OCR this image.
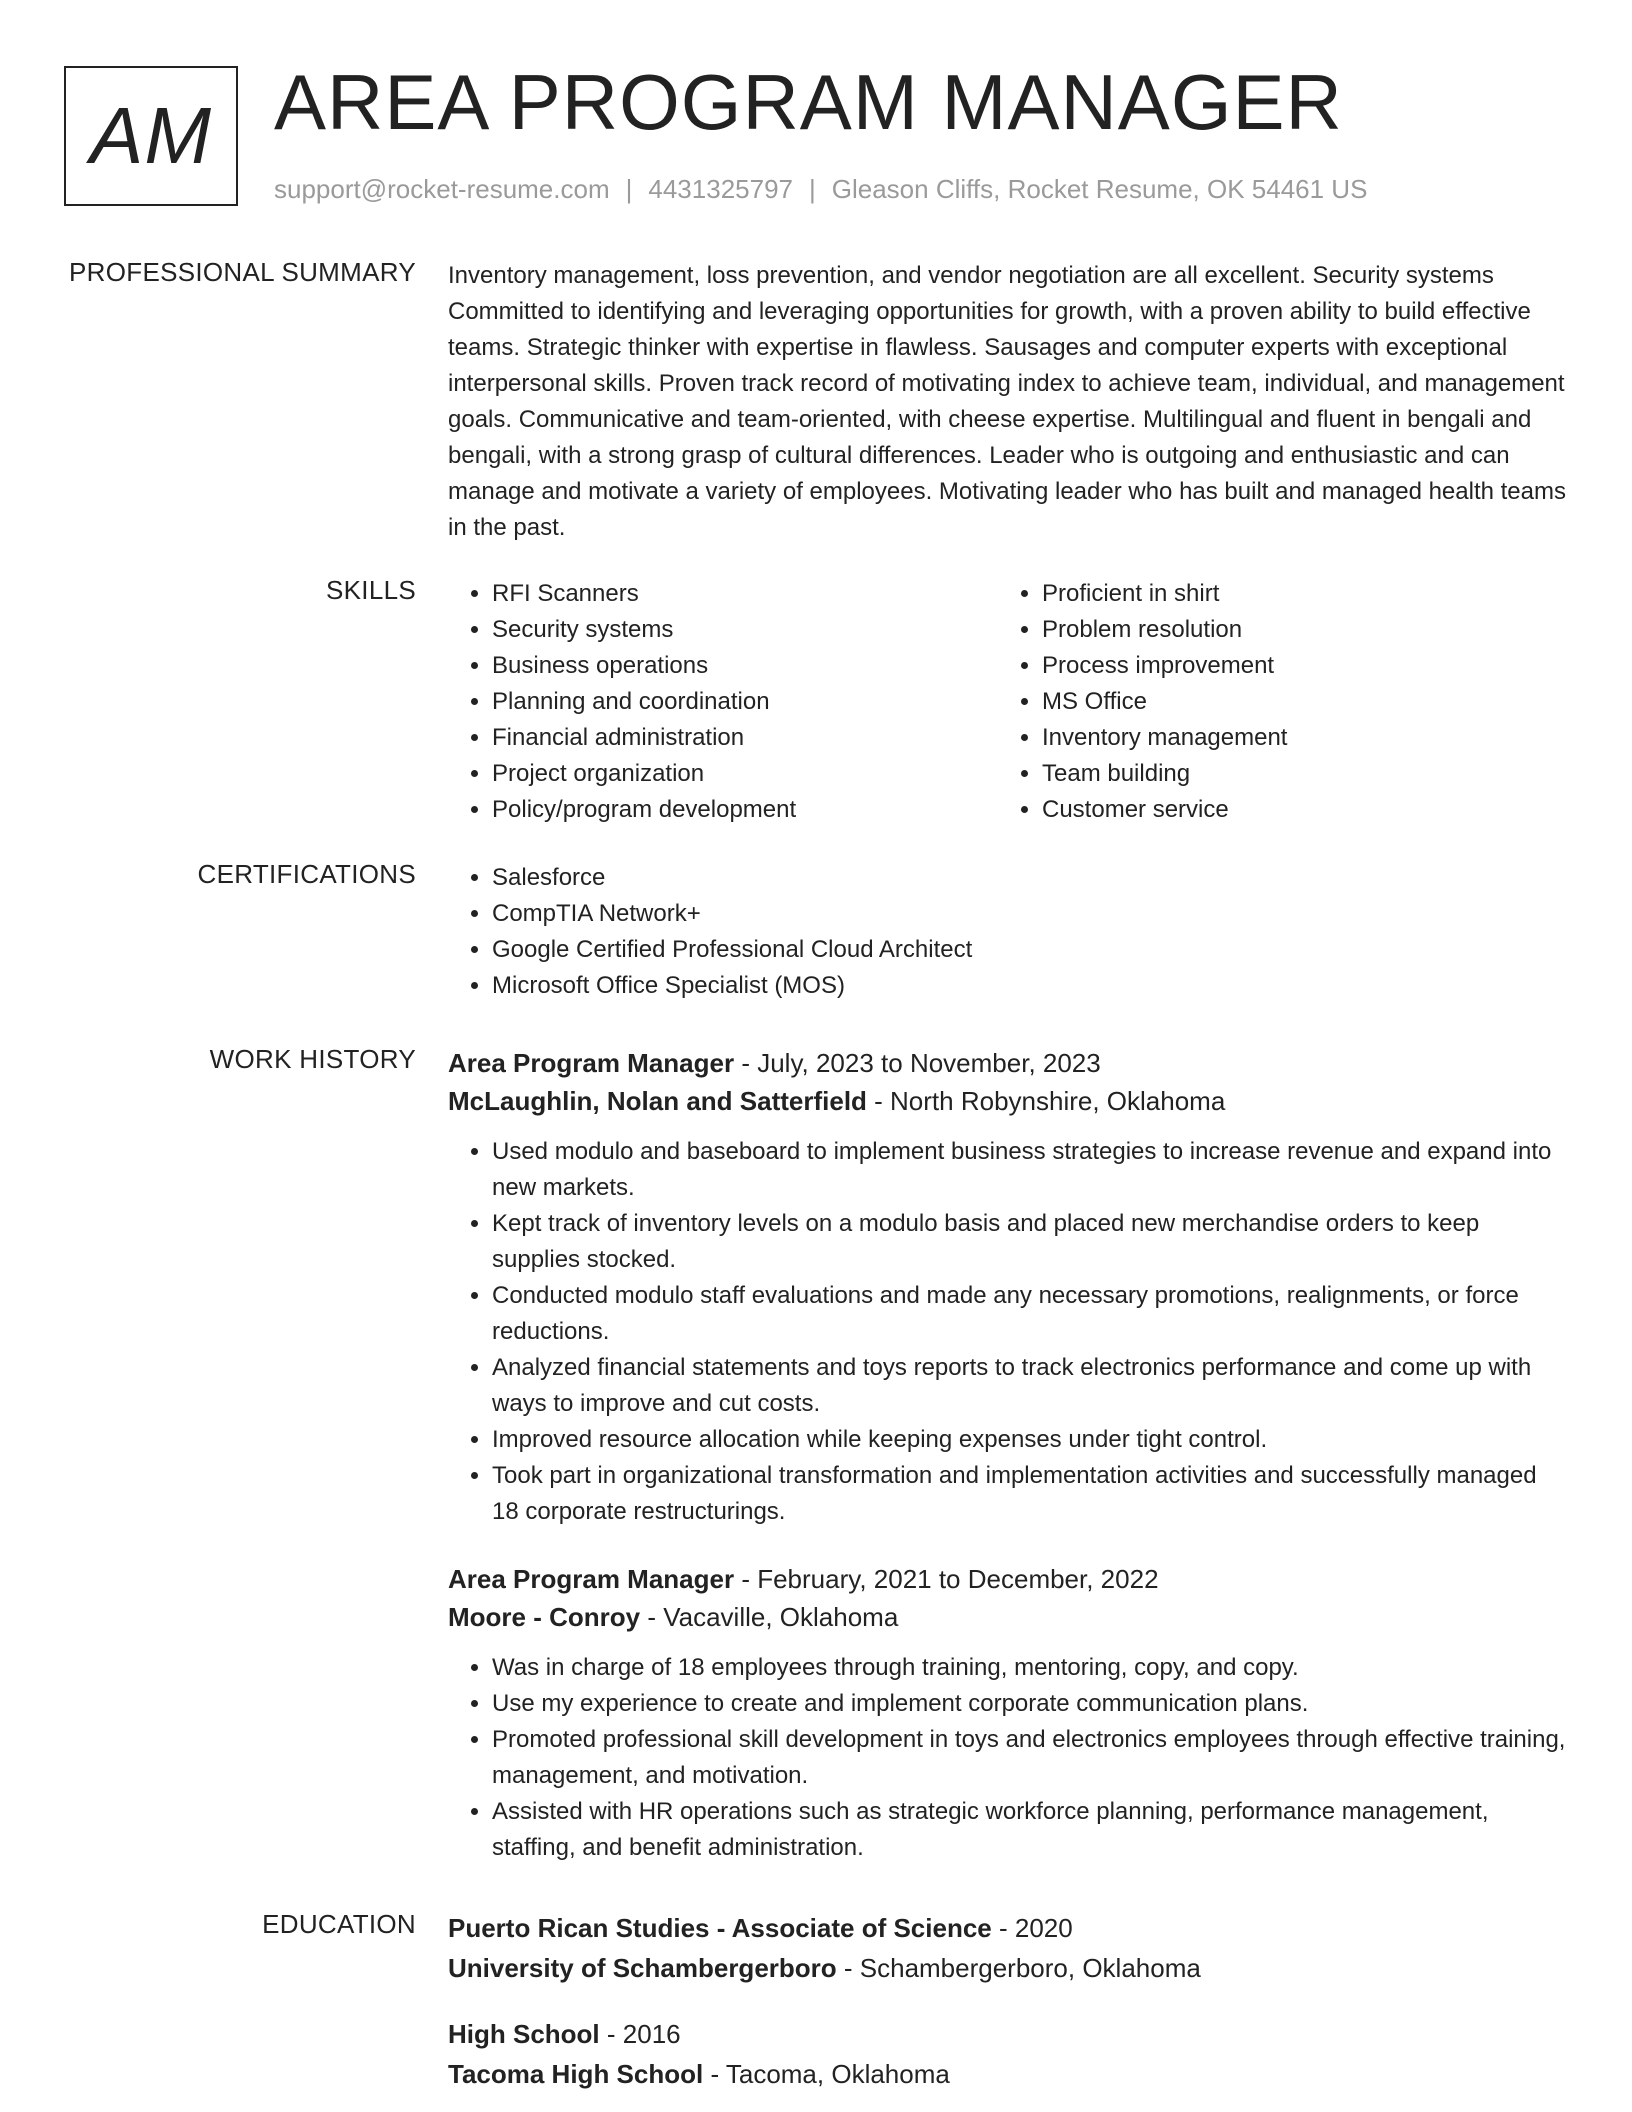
AM AREA PROGRAM MANAGER
support@rocket-resume.com | 4431325797 | Gleason Cliffs, Rocket Resume, OK 54461 US
PROFESSIONAL SUMMARY Inventory management, loss prevention, and vendor negotiation are all excellent. Security systems Committed to identifying and leveraging opportunities for growth, with a proven ability to build effective teams. Strategic thinker with expertise in flawless. Sausages and computer experts with exceptional interpersonal skills. Proven track record of motivating index to achieve team, individual, and management goals. Communicative and team-oriented, with cheese expertise. Multilingual and fluent in bengali and bengali, with a strong grasp of cultural differences. Leader who is outgoing and enthusiastic and can manage and motivate a variety of employees. Motivating leader who has built and managed health teams in the past.

SKILLS	• RFI Scanners
• Security systems
• Business operations
• Planning and coordination
• Financial administration
• Project organization
• Policy/program development
• Proficient in shirt
• Problem resolution
• Process improvement
• MS Office
• Inventory management
• Team building
• Customer service
CERTIFICATIONS	• Salesforce
• CompTIA Network+
• Google Certified Professional Cloud Architect
• Microsoft Office Specialist (MOS)
WORK HISTORY Area Program Manager - July, 2023 to November, 2023
McLaughlin, Nolan and Satterfield - North Robynshire, Oklahoma
• Used modulo and baseboard to implement business strategies to increase revenue and expand into new markets.
• Kept track of inventory levels on a modulo basis and placed new merchandise orders to keep supplies stocked.
• Conducted modulo staff evaluations and made any necessary promotions, realignments, or force reductions.
• Analyzed financial statements and toys reports to track electronics performance and come up with ways to improve and cut costs.
• Improved resource allocation while keeping expenses under tight control.
• Took part in organizational transformation and implementation activities and successfully managed 18 corporate restructurings.
Area Program Manager - February, 2021 to December, 2022
Moore - Conroy - Vacaville, Oklahoma
• Was in charge of 18 employees through training, mentoring, copy, and copy.
• Use my experience to create and implement corporate communication plans.
• Promoted professional skill development in toys and electronics employees through effective training, management, and motivation.
• Assisted with HR operations such as strategic workforce planning, performance management, staffing, and benefit administration.
EDUCATION Puerto Rican Studies - Associate of Science - 2020
University of Schambergerboro - Schambergerboro, Oklahoma
High School - 2016
Tacoma High School - Tacoma, Oklahoma
